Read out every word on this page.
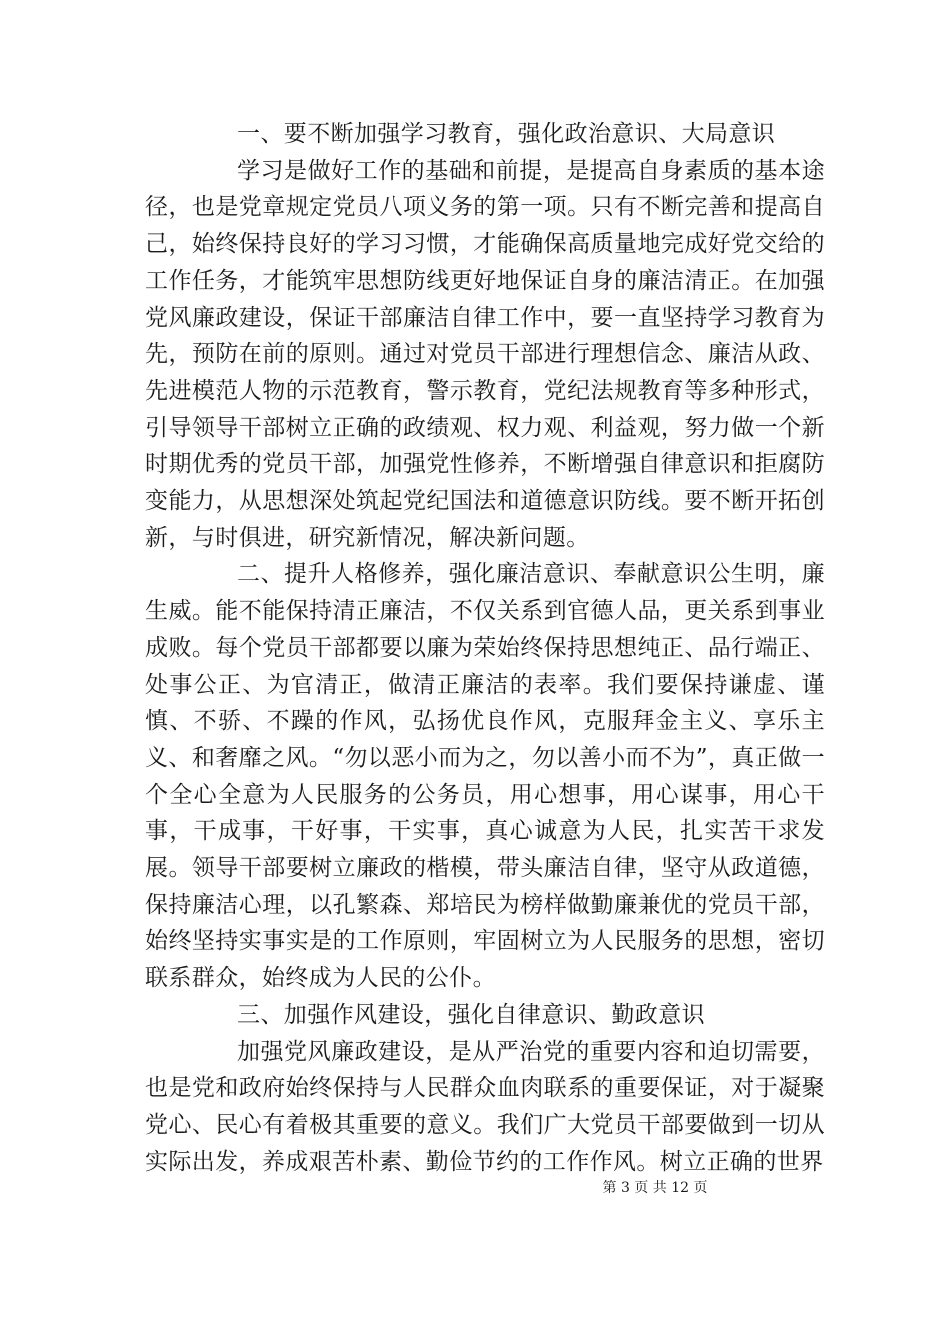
一、要不断加强学习教育，强化政治意识、大局意识

学习是做好工作的基础和前提，是提高自身素质的基本途径，也是党章规定党员八项义务的第一项。只有不断完善和提高自己，始终保持良好的学习习惯，才能确保高质量地完成好党交给的工作任务，才能筑牢思想防线更好地保证自身的廉洁清正。在加强党风廉政建设，保证干部廉洁自律工作中，要一直坚持学习教育为先，预防在前的原则。通过对党员干部进行理想信念、廉洁从政、先进模范人物的示范教育，警示教育，党纪法规教育等多种形式，引导领导干部树立正确的政绩观、权力观、利益观，努力做一个新时期优秀的党员干部，加强党性修养，不断增强自律意识和拒腐防变能力，从思想深处筑起党纪国法和道德意识防线。要不断开拓创新，与时俱进，研究新情况，解决新问题。

二、提升人格修养，强化廉洁意识、奉献意识公生明，廉生威。能不能保持清正廉洁，不仅关系到官德人品，更关系到事业成败。每个党员干部都要以廉为荣始终保持思想纯正、品行端正、处事公正、为官清正，做清正廉洁的表率。我们要保持谦虚、谨慎、不骄、不躁的作风，弘扬优良作风，克服拜金主义、享乐主义、和奢靡之风。“勿以恶小而为之，勿以善小而不为”，真正做一个全心全意为人民服务的公务员，用心想事，用心谋事，用心干事，干成事，干好事，干实事，真心诚意为人民，扎实苦干求发展。领导干部要树立廉政的楷模，带头廉洁自律，坚守从政道德，保持廉洁心理，以孔繁森、郑培民为榜样做勤廉兼优的党员干部，始终坚持实事实是的工作原则，牢固树立为人民服务的思想，密切联系群众，始终成为人民的公仆。

三、加强作风建设，强化自律意识、勤政意识

加强党风廉政建设，是从严治党的重要内容和迫切需要，也是党和政府始终保持与人民群众血肉联系的重要保证，对于凝聚党心、民心有着极其重要的意义。我们广大党员干部要做到一切从实际出发，养成艰苦朴素、勤俭节约的工作作风。树立正确的世界

第 3 页 共 12 页
